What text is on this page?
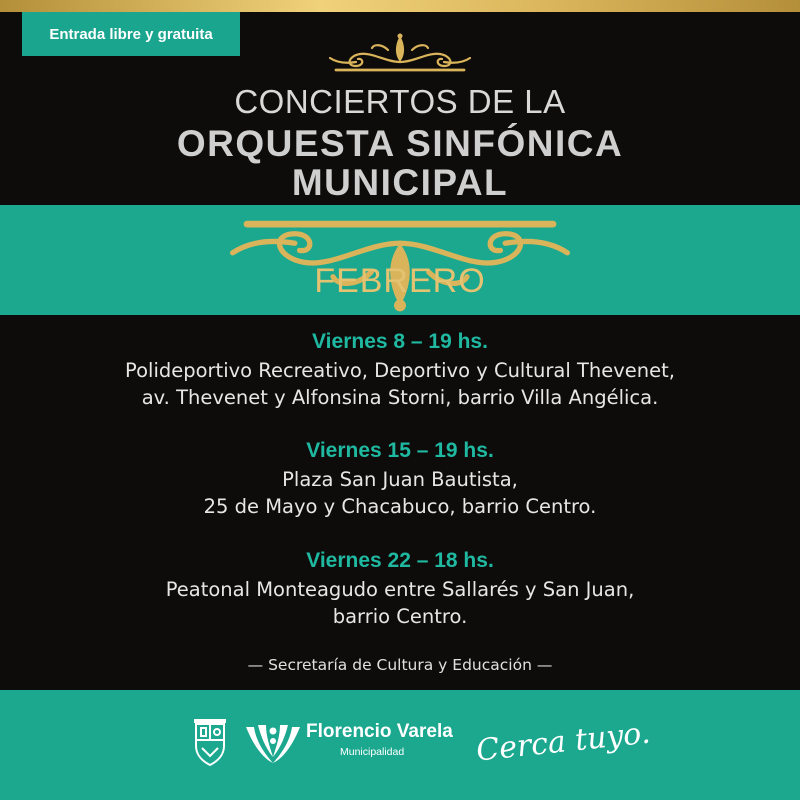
Entrada libre y gratuita
CONCIERTOS DE LA
ORQUESTA SINFÓNICA
MUNICIPAL
FEBRERO
Viernes 8 – 19 hs.
Polideportivo Recreativo, Deportivo y Cultural Thevenet,
av. Thevenet y Alfonsina Storni, barrio Villa Angélica.
Viernes 15 – 19 hs.
Plaza San Juan Bautista,
25 de Mayo y Chacabuco, barrio Centro.
Viernes 22 – 18 hs.
Peatonal Monteagudo entre Sallarés y San Juan,
barrio Centro.
— Secretaría de Cultura y Educación —
Florencio Varela
Municipalidad Cerca tuyo.
